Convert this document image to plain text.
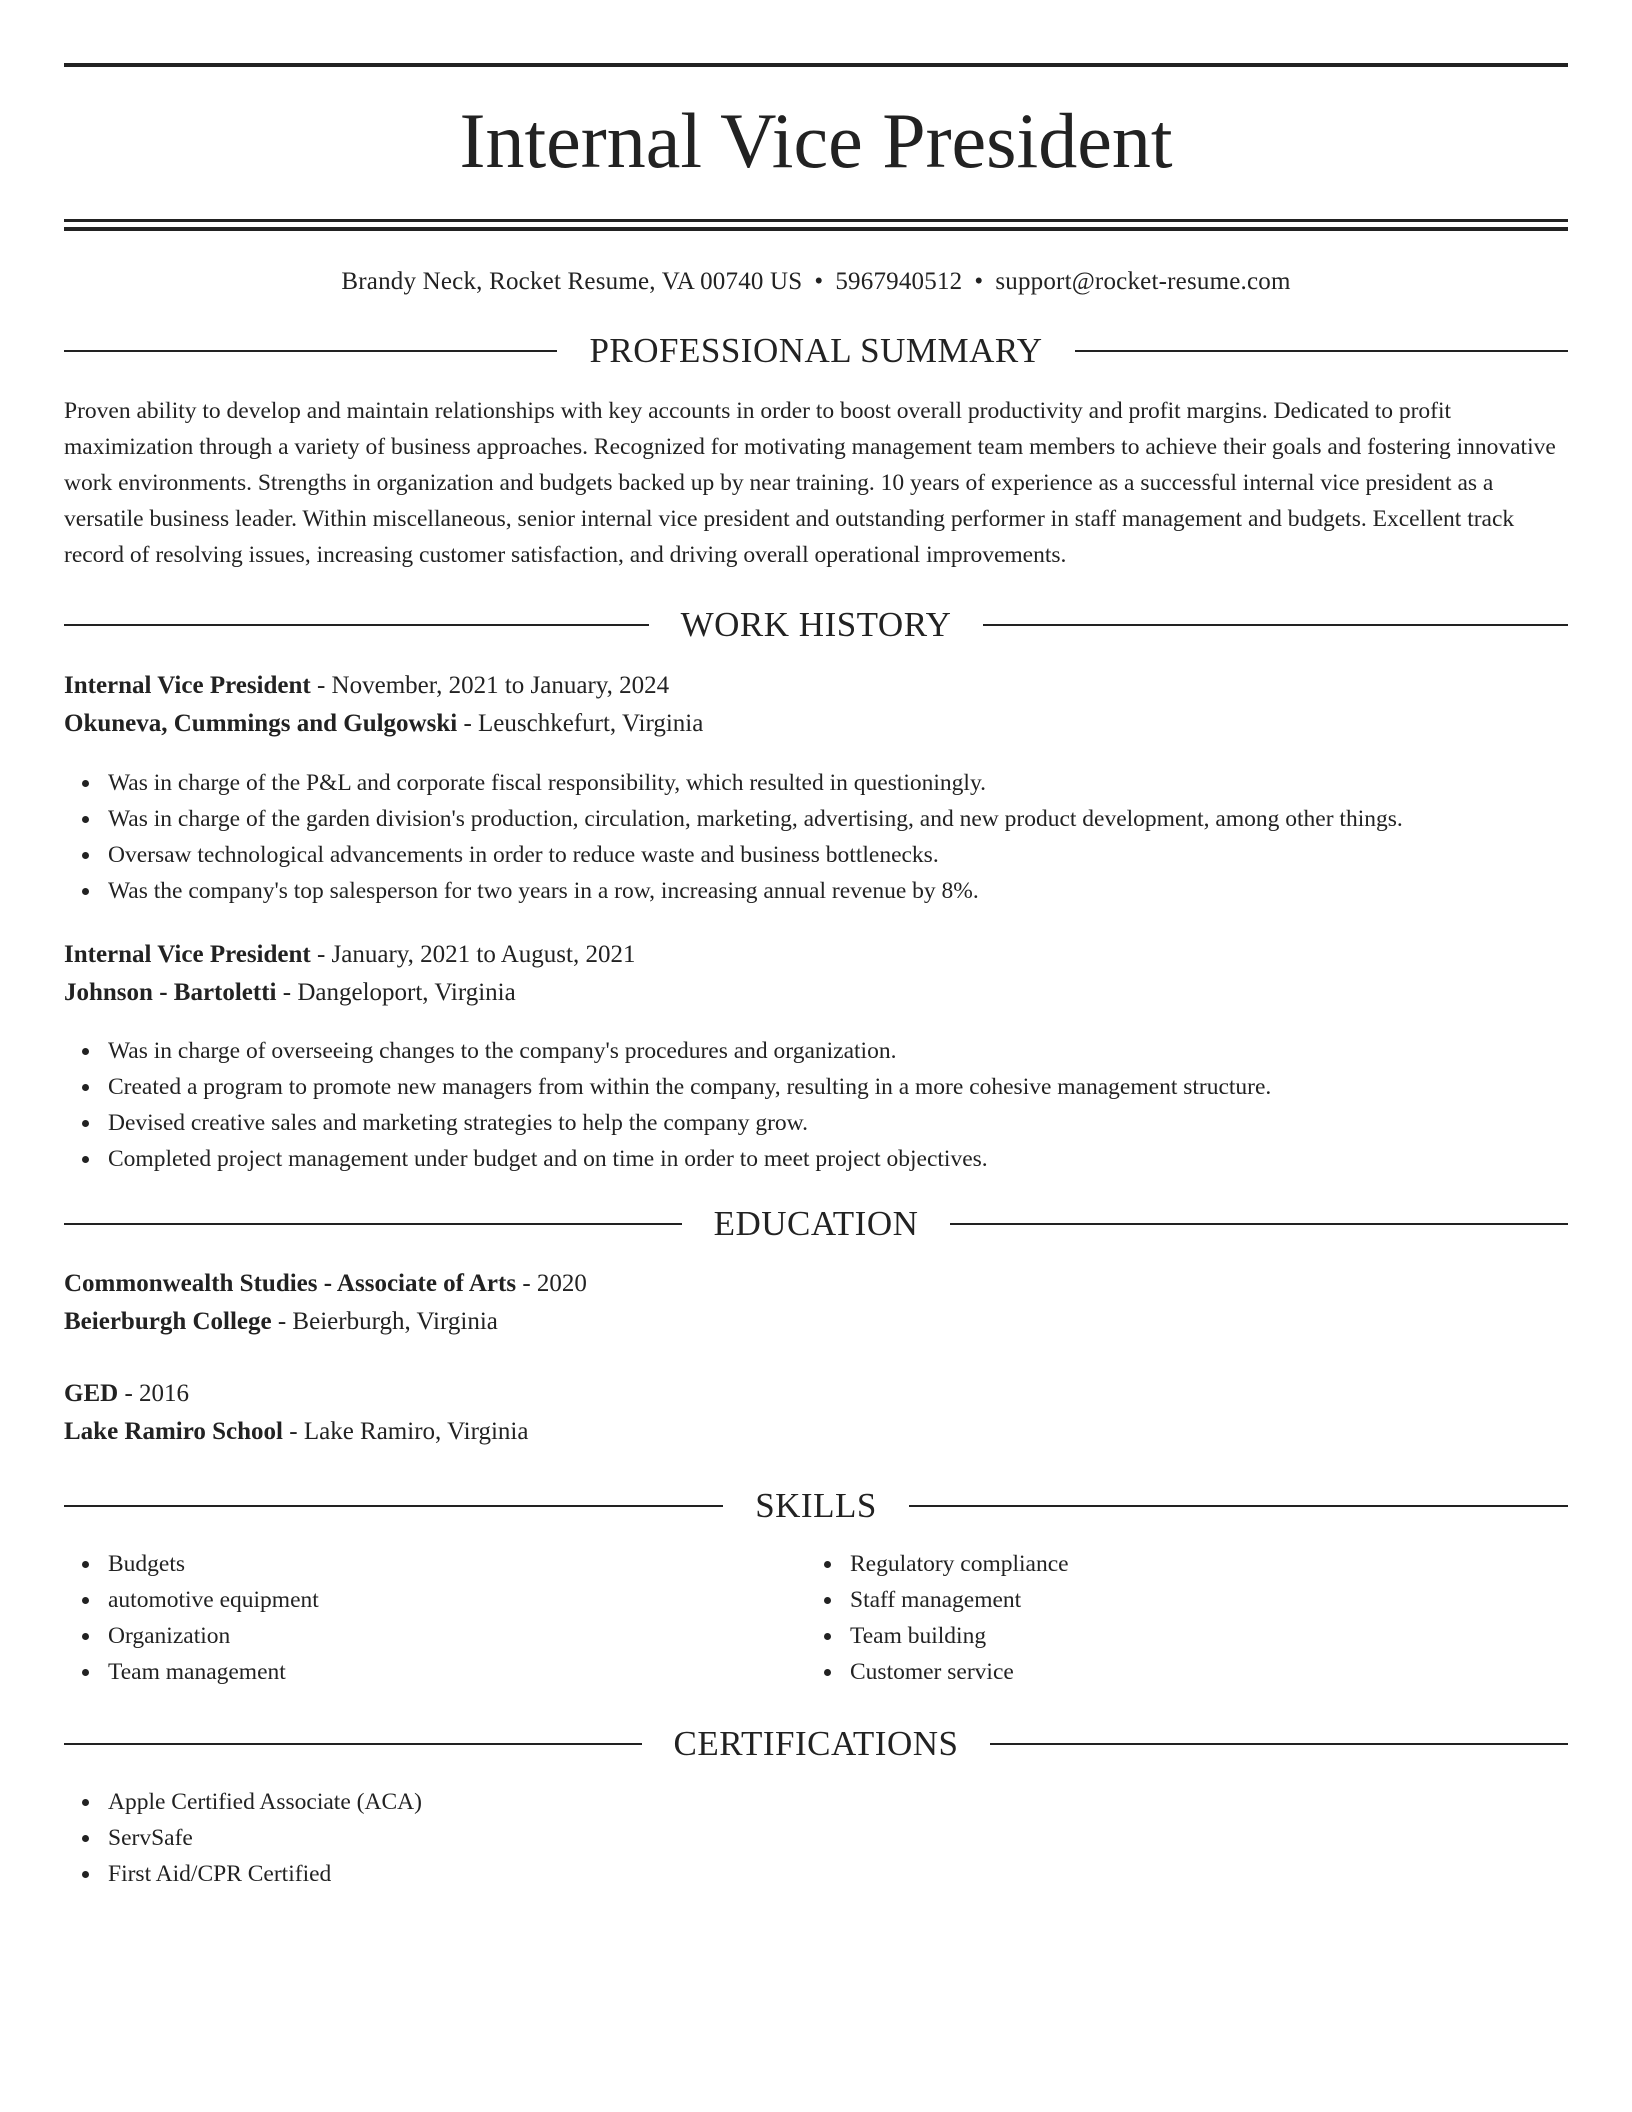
Internal Vice President
Brandy Neck, Rocket Resume, VA 00740 US • 5967940512 • support@rocket-resume.com
PROFESSIONAL SUMMARY
Proven ability to develop and maintain relationships with key accounts in order to boost overall productivity and profit margins. Dedicated to profit maximization through a variety of business approaches. Recognized for motivating management team members to achieve their goals and fostering innovative work environments. Strengths in organization and budgets backed up by near training. 10 years of experience as a successful internal vice president as a versatile business leader. Within miscellaneous, senior internal vice president and outstanding performer in staff management and budgets. Excellent track record of resolving issues, increasing customer satisfaction, and driving overall operational improvements.
WORK HISTORY
Internal Vice President - November, 2021 to January, 2024
Okuneva, Cummings and Gulgowski - Leuschkefurt, Virginia
Was in charge of the P&L and corporate fiscal responsibility, which resulted in questioningly.
Was in charge of the garden division's production, circulation, marketing, advertising, and new product development, among other things.
Oversaw technological advancements in order to reduce waste and business bottlenecks.
Was the company's top salesperson for two years in a row, increasing annual revenue by 8%.
Internal Vice President - January, 2021 to August, 2021
Johnson - Bartoletti - Dangeloport, Virginia
Was in charge of overseeing changes to the company's procedures and organization.
Created a program to promote new managers from within the company, resulting in a more cohesive management structure.
Devised creative sales and marketing strategies to help the company grow.
Completed project management under budget and on time in order to meet project objectives.
EDUCATION
Commonwealth Studies - Associate of Arts - 2020
Beierburgh College - Beierburgh, Virginia
GED - 2016
Lake Ramiro School - Lake Ramiro, Virginia
SKILLS
Budgets
automotive equipment
Organization
Team management
Regulatory compliance
Staff management
Team building
Customer service
CERTIFICATIONS
Apple Certified Associate (ACA)
ServSafe
First Aid/CPR Certified
